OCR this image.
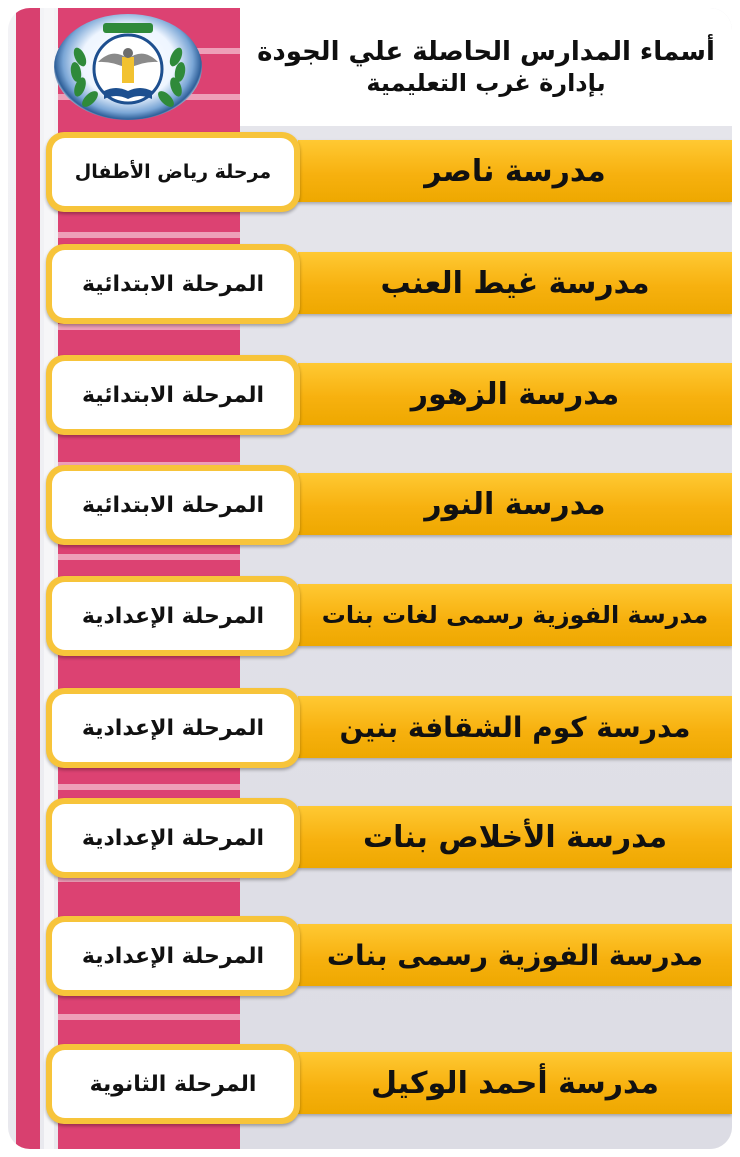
أسماء المدارس الحاصلة علي الجودة
بإدارة غرب التعليمية
مدرسة ناصر
مرحلة رياض الأطفال
مدرسة غيط العنب
المرحلة الابتدائية
مدرسة الزهور
المرحلة الابتدائية
مدرسة النور
المرحلة الابتدائية
مدرسة الفوزية رسمى لغات بنات
المرحلة الإعدادية
مدرسة كوم الشقافة بنين
المرحلة الإعدادية
مدرسة الأخلاص بنات
المرحلة الإعدادية
مدرسة الفوزية رسمى بنات
المرحلة الإعدادية
مدرسة أحمد الوكيل
المرحلة الثانوية
